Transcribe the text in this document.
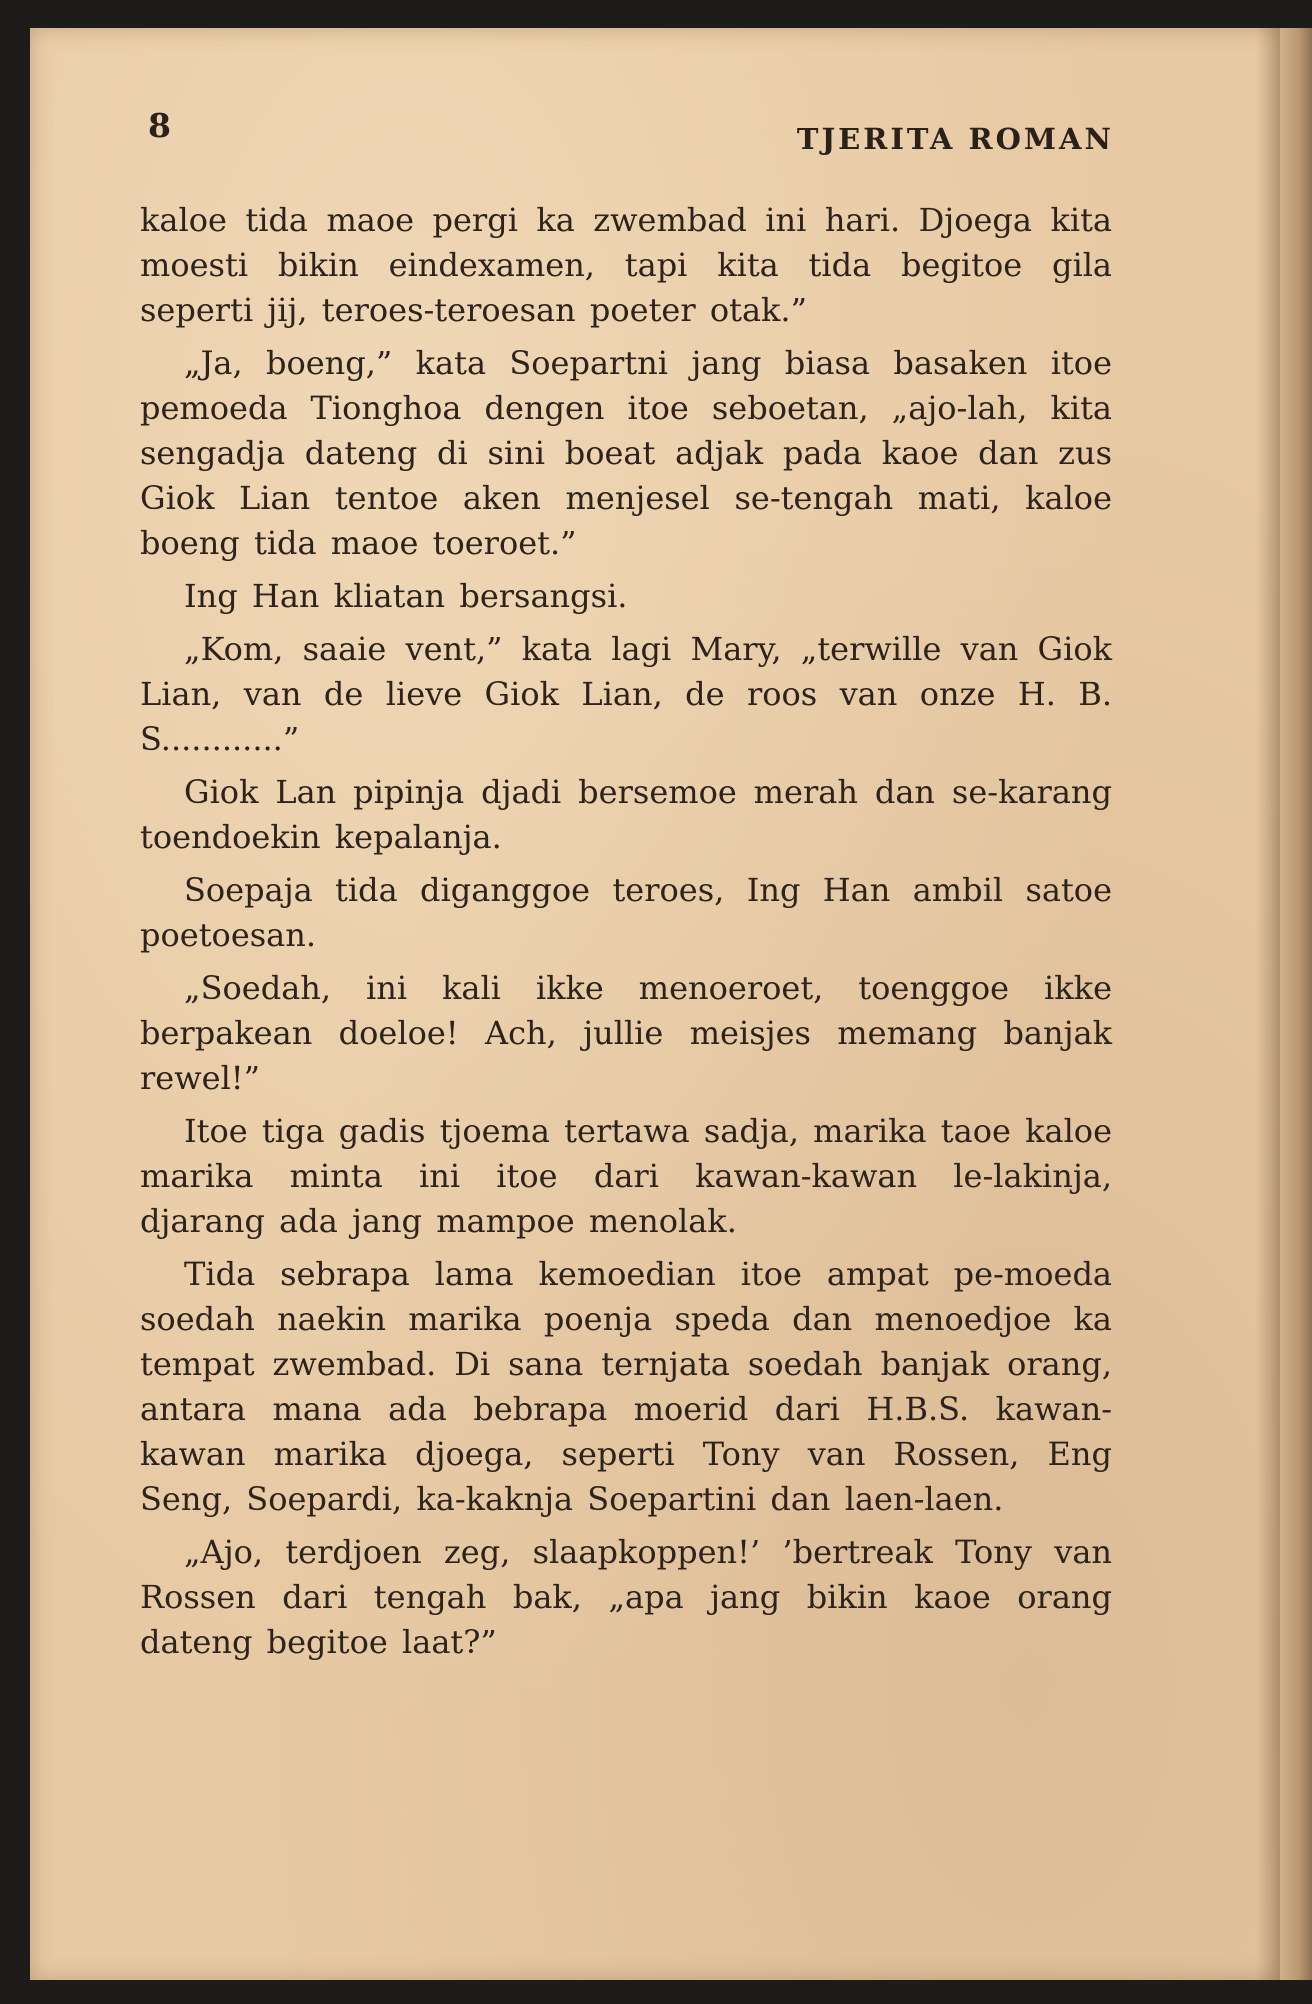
8	TJERITA ROMAN

kaloe tida maoe pergi ka zwembad ini hari. Djoega kita moesti bikin eindexamen, tapi kita tida begitoe gila seperti jij, teroes-teroesan poeter otak.”

„Ja, boeng,” kata Soepartni jang biasa basaken itoe pemoeda Tionghoa dengen itoe seboetan, „ajo-lah, kita sengadja dateng di sini boeat adjak pada kaoe dan zus Giok Lian tentoe aken menjesel se-tengah mati, kaloe boeng tida maoe toeroet.”

Ing Han kliatan bersangsi.

„Kom, saaie vent,” kata lagi Mary, „terwille van Giok Lian, van de lieve Giok Lian, de roos van onze H. B. S............”

Giok Lan pipinja djadi bersemoe merah dan se-karang toendoekin kepalanja.

Soepaja tida diganggoe teroes, Ing Han ambil satoe poetoesan.

„Soedah, ini kali ikke menoeroet, toenggoe ikke berpakean doeloe! Ach, jullie meisjes memang banjak rewel!”

Itoe tiga gadis tjoema tertawa sadja, marika taoe kaloe marika minta ini itoe dari kawan-kawan le-lakinja, djarang ada jang mampoe menolak.

Tida sebrapa lama kemoedian itoe ampat pe-moeda soedah naekin marika poenja speda dan menoedjoe ka tempat zwembad. Di sana ternjata soedah banjak orang, antara mana ada bebrapa moerid dari H.B.S. kawan-kawan marika djoega, seperti Tony van Rossen, Eng Seng, Soepardi, ka-kaknja Soepartini dan laen-laen.

„Ajo, terdjoen zeg, slaapkoppen!’ ’bertreak Tony van Rossen dari tengah bak, „apa jang bikin kaoe orang dateng begitoe laat?”
